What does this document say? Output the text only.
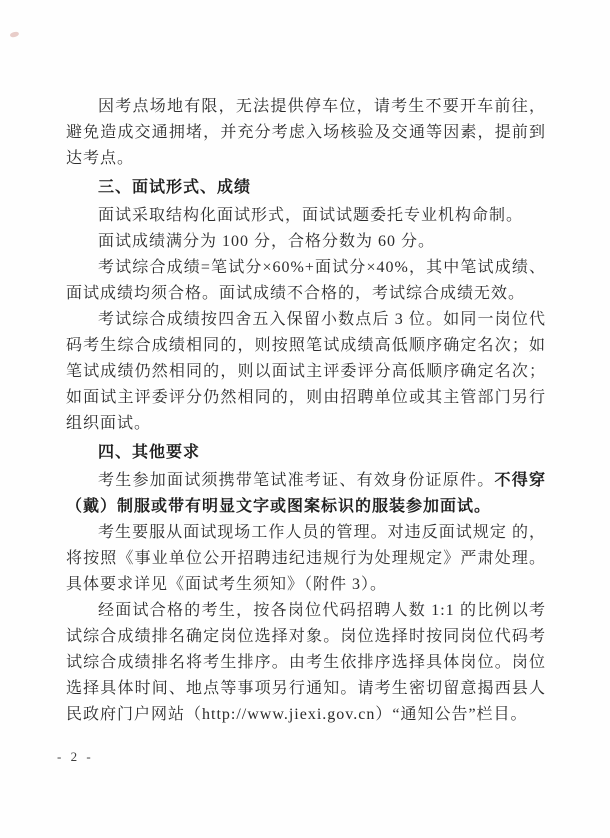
因考点场地有限，无法提供停车位，请考生不要开车前往，避免造成交通拥堵，并充分考虑入场核验及交通等因素，提前到达考点。

三、面试形式、成绩

面试采取结构化面试形式，面试试题委托专业机构命制。

面试成绩满分为 100 分，合格分数为 60 分。

考试综合成绩=笔试分×60%+面试分×40%，其中笔试成绩、面试成绩均须合格。面试成绩不合格的，考试综合成绩无效。

考试综合成绩按四舍五入保留小数点后 3 位。如同一岗位代码考生综合成绩相同的，则按照笔试成绩高低顺序确定名次；如笔试成绩仍然相同的，则以面试主评委评分高低顺序确定名次；如面试主评委评分仍然相同的，则由招聘单位或其主管部门另行组织面试。

四、其他要求

考生参加面试须携带笔试准考证、有效身份证原件。不得穿（戴）制服或带有明显文字或图案标识的服装参加面试。

考生要服从面试现场工作人员的管理。对违反面试规定 的，将按照《事业单位公开招聘违纪违规行为处理规定》严肃处理。具体要求详见《面试考生须知》（附件 3）。

经面试合格的考生，按各岗位代码招聘人数 1:1 的比例以考试综合成绩排名确定岗位选择对象。岗位选择时按同岗位代码考试综合成绩排名将考生排序。由考生依排序选择具体岗位。岗位选择具体时间、地点等事项另行通知。请考生密切留意揭西县人民政府门户网站（http://www.jiexi.gov.cn）“通知公告”栏目。

- 2 -
